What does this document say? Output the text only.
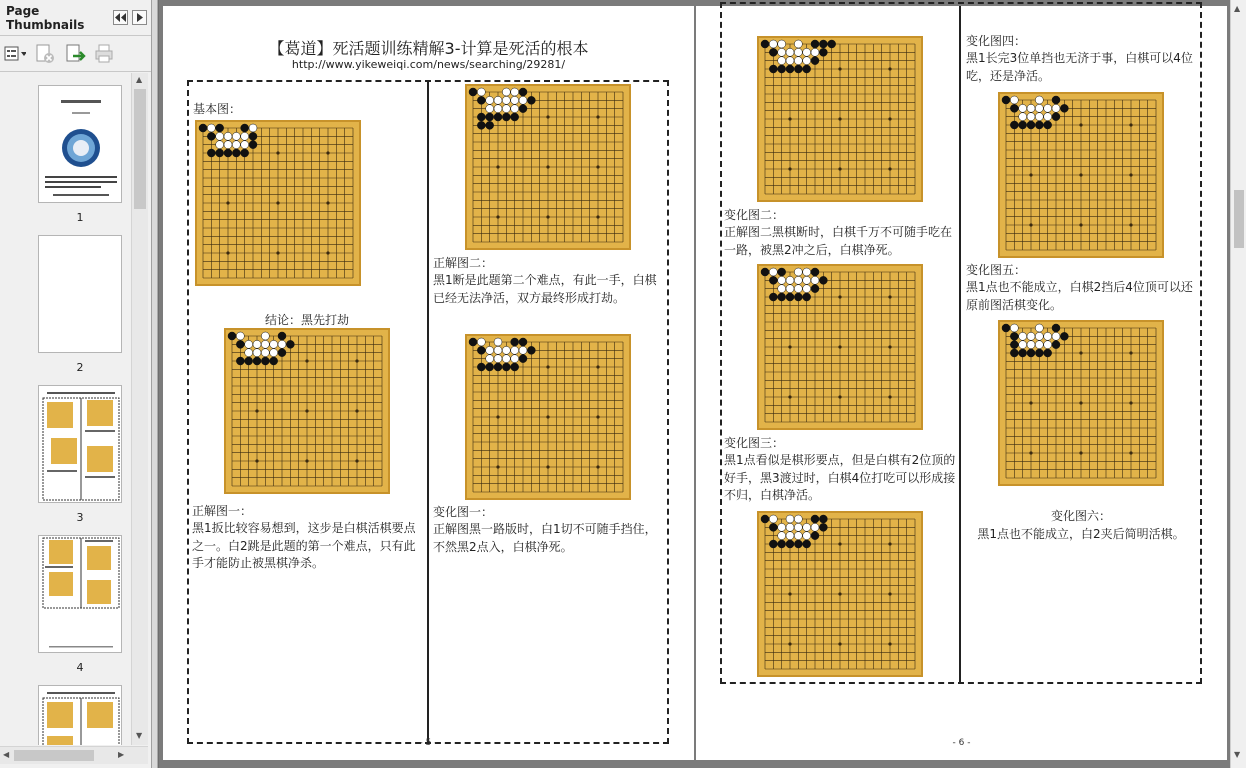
Page Thumbnails
1
2
3
4
▲
▼
◀	▶
【葛道】死活题训练精解3-计算是死活的根本
http://www.yikeweiqi.com/news/searching/29281/
基本图：
结论：黑先打劫
正解图一：
黑1扳比较容易想到，这步是白棋活棋要点之一。白2跳是此题的第一个难点，只有此手才能防止被黑棋净杀。
正解图二：
黑1断是此题第二个难点，有此一手，白棋已经无法净活，双方最终形成打劫。
变化图一：
正解图黑一路版时，白1切不可随手挡住，不然黑2点入，白棋净死。
- 5 -
变化图二：
正解图二黑棋断时，白棋千万不可随手吃在一路，被黑2冲之后，白棋净死。
变化图三：
黑1点看似是棋形要点，但是白棋有2位顶的好手，黑3渡过时，白棋4位打吃可以形成接不归，白棋净活。
变化图四：
黑1长完3位单挡也无济于事，白棋可以4位吃，还是净活。
变化图五：
黑1点也不能成立，白棋2挡后4位顶可以还原前图活棋变化。
变化图六：
黑1点也不能成立，白2夹后简明活棋。
- 6 -
▲
▼
